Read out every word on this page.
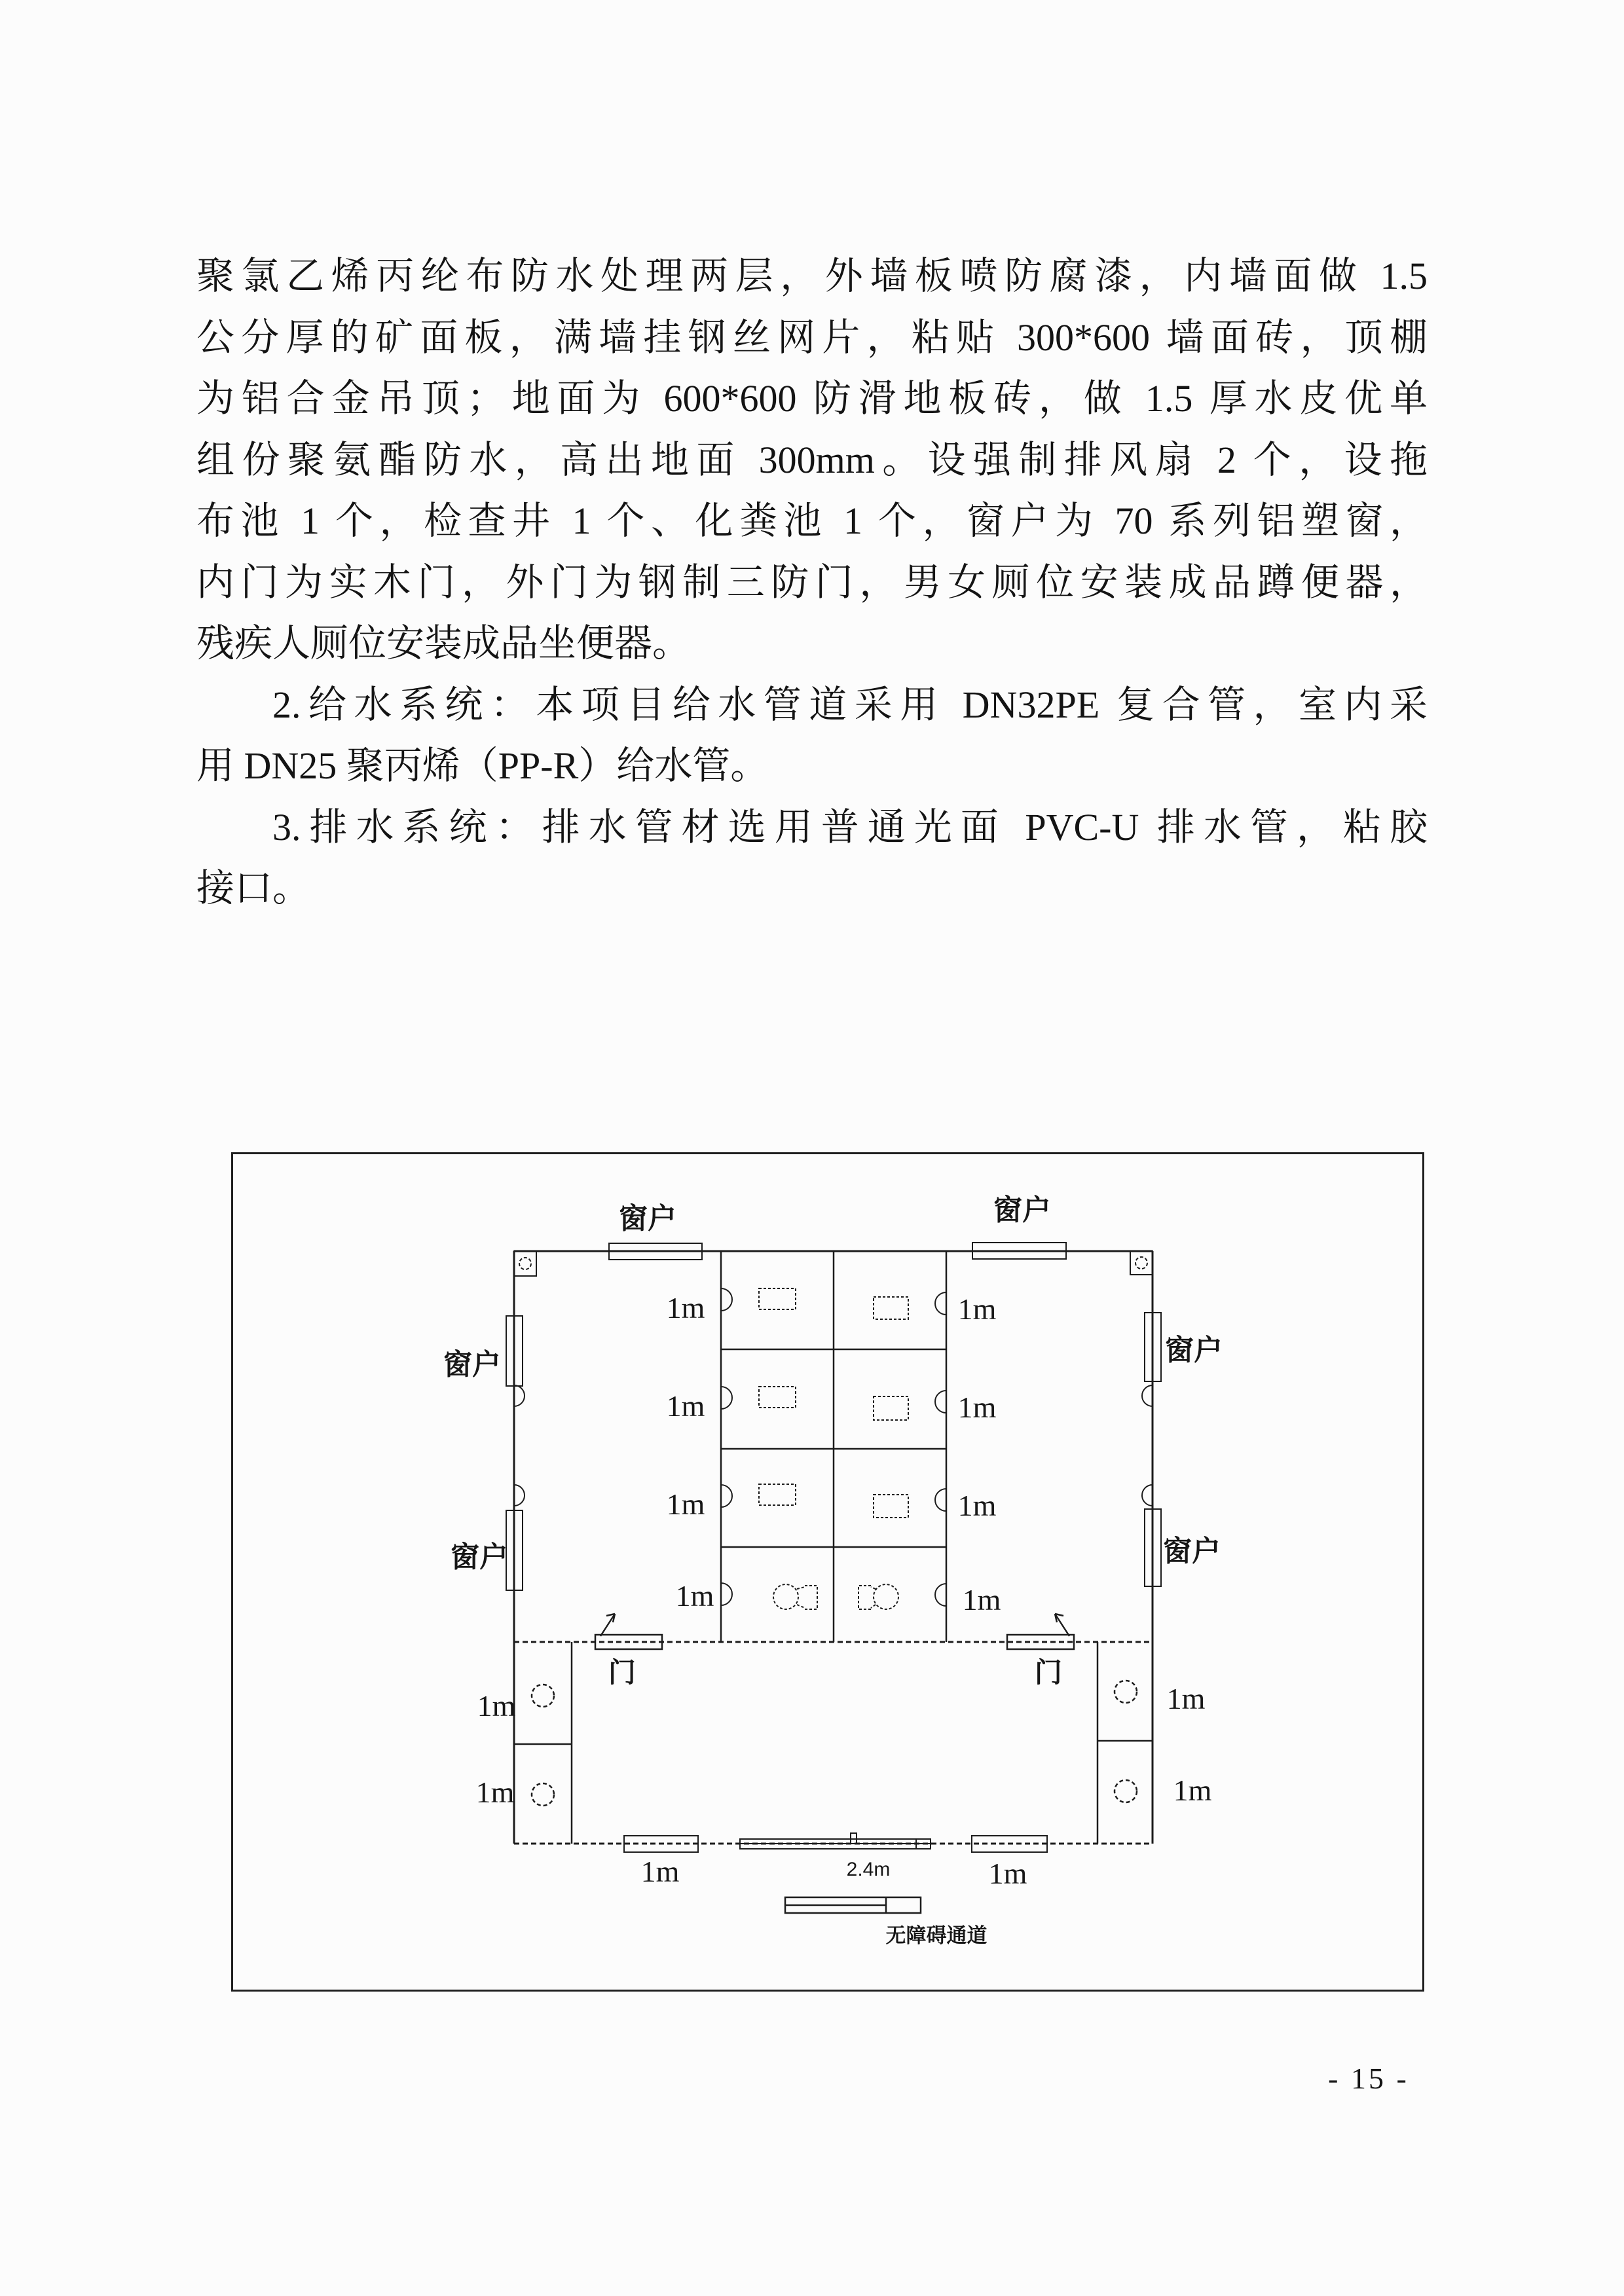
聚氯乙烯丙纶布防水处理两层，外墙板喷防腐漆，内墙面做 1.5
公分厚的矿面板，满墙挂钢丝网片，粘贴 300*600 墙面砖，顶棚
为铝合金吊顶；地面为 600*600 防滑地板砖，做 1.5 厚水皮优单
组份聚氨酯防水，高出地面 300mm。设强制排风扇 2 个，设拖
布池 1 个，检查井 1 个、化粪池 1 个，窗户为 70 系列铝塑窗，
内门为实木门，外门为钢制三防门，男女厕位安装成品蹲便器，
残疾人厕位安装成品坐便器。
2.给水系统：本项目给水管道采用 DN32PE 复合管，室内采
用 DN25 聚丙烯（PP-R）给水管。
3.排水系统：排水管材选用普通光面 PVC-U 排水管，粘胶
接口。
窗户	窗户
窗户
窗户
窗户
窗户
门	门
无障碍通道
1m
1m
1m
1m
1m
1m
1m
1m
1m
1m
1m
1m
1m	1m
2.4m
- 15 -
